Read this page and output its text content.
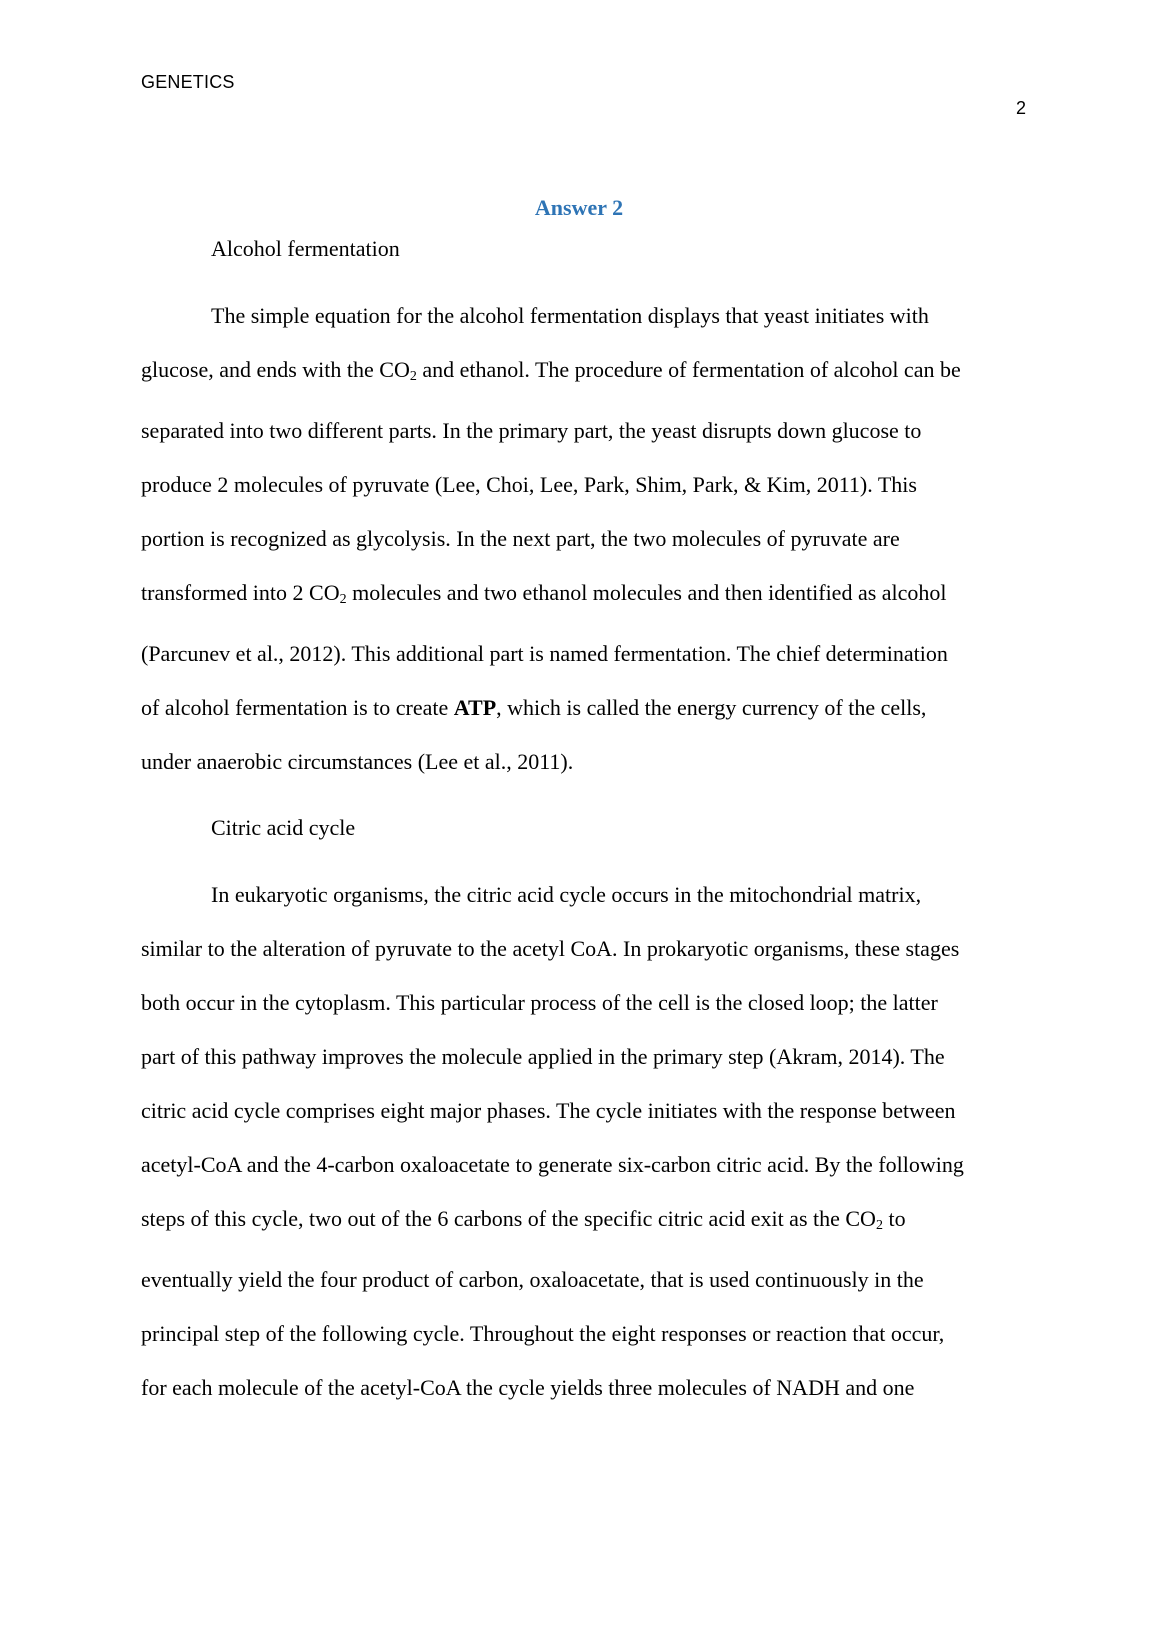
GENETICS
2
Answer 2
Alcohol fermentation
The simple equation for the alcohol fermentation displays that yeast initiates with
glucose, and ends with the $CO_2$ and ethanol. The procedure of fermentation of alcohol can be
separated into two different parts. In the primary part, the yeast disrupts down glucose to
produce 2 molecules of pyruvate (Lee, Choi, Lee, Park, Shim, Park, & Kim, 2011). This
portion is recognized as glycolysis. In the next part, the two molecules of pyruvate are
transformed into 2 $CO_2$ molecules and two ethanol molecules and then identified as alcohol
(Parcunev et al., 2012). This additional part is named fermentation. The chief determination
of alcohol fermentation is to create ATP, which is called the energy currency of the cells,
under anaerobic circumstances (Lee et al., 2011).
Citric acid cycle
In eukaryotic organisms, the citric acid cycle occurs in the mitochondrial matrix,
similar to the alteration of pyruvate to the acetyl CoA. In prokaryotic organisms, these stages
both occur in the cytoplasm. This particular process of the cell is the closed loop; the latter
part of this pathway improves the molecule applied in the primary step (Akram, 2014). The
citric acid cycle comprises eight major phases. The cycle initiates with the response between
acetyl-CoA and the 4-carbon oxaloacetate to generate six-carbon citric acid. By the following
steps of this cycle, two out of the 6 carbons of the specific citric acid exit as the $CO_2$ to
eventually yield the four product of carbon, oxaloacetate, that is used continuously in the
principal step of the following cycle. Throughout the eight responses or reaction that occur,
for each molecule of the acetyl-CoA the cycle yields three molecules of NADH and one
